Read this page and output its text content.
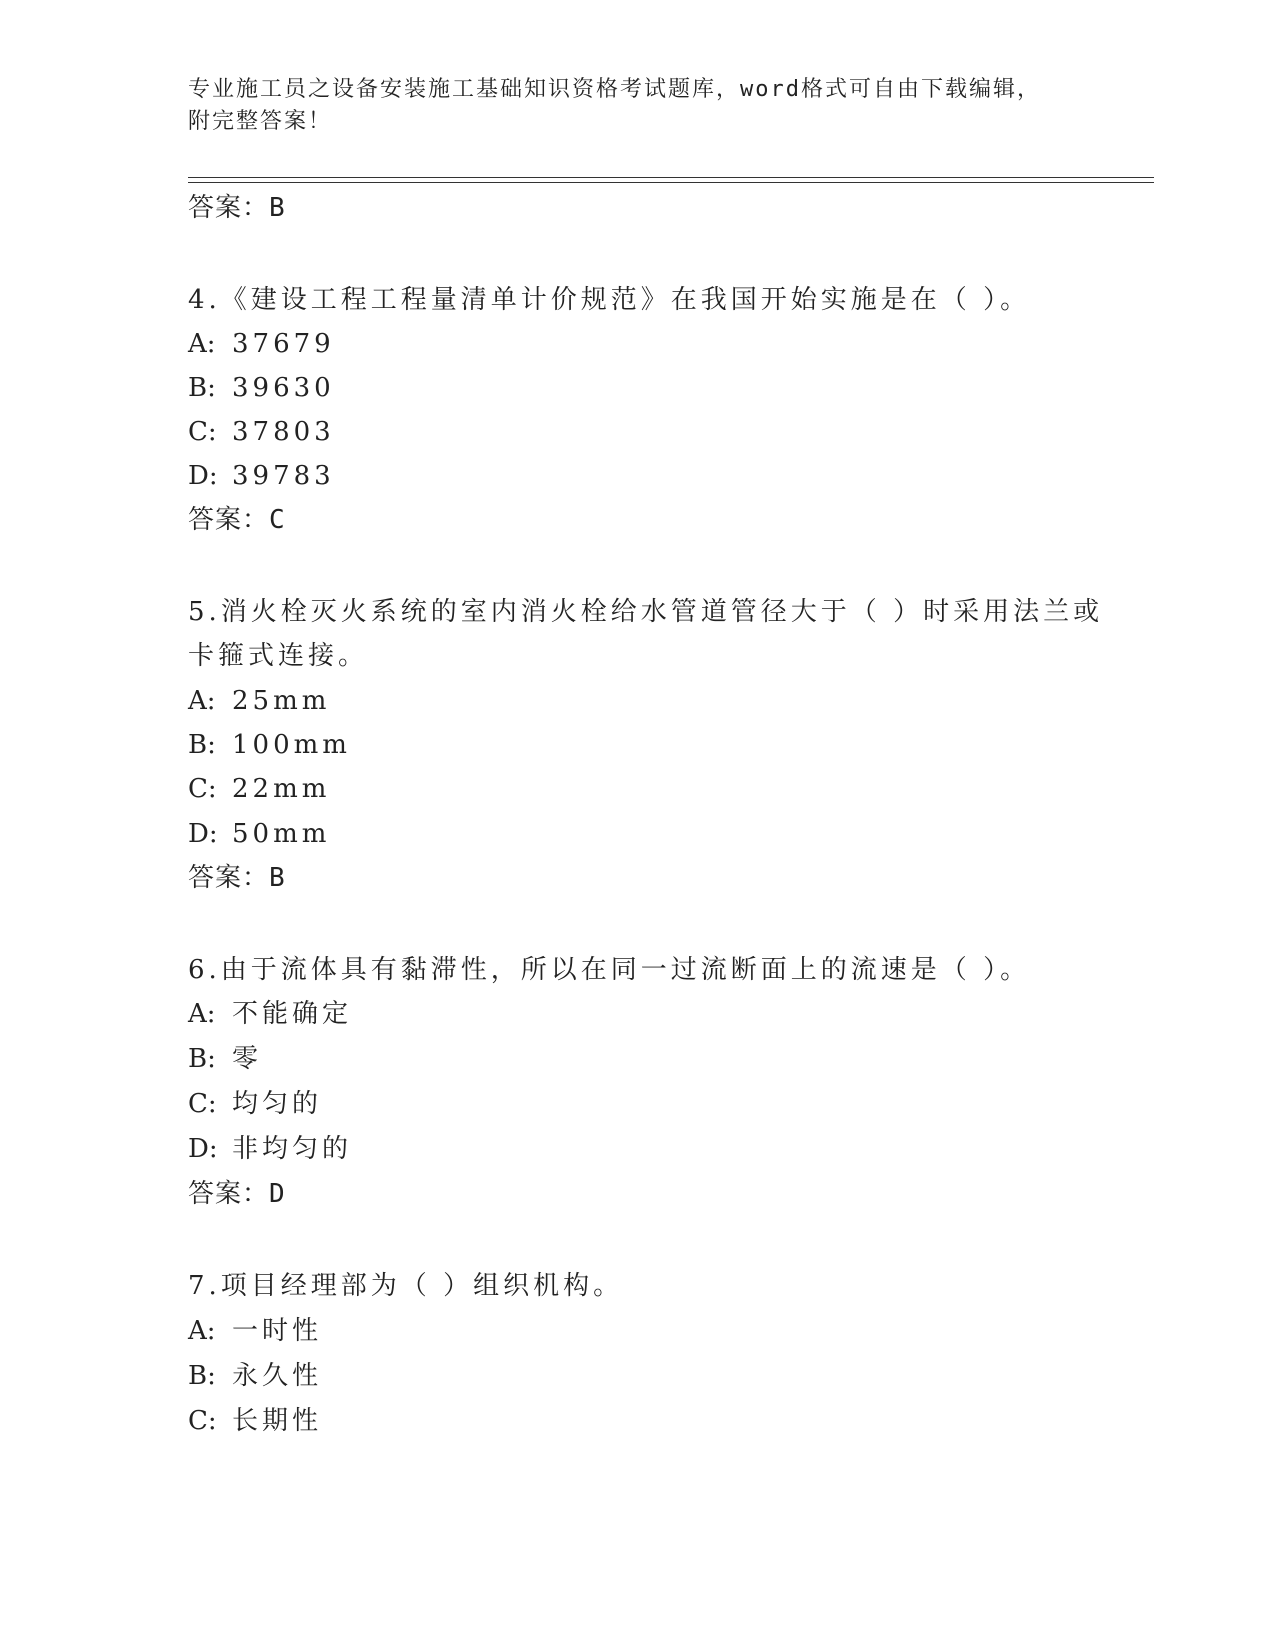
专业施工员之设备安装施工基础知识资格考试题库，word格式可自由下载编辑，
附完整答案！
答案：B
4.《建设工程工程量清单计价规范》在我国开始实施是在（ ）。
A: 37679
B: 39630
C: 37803
D: 39783
答案：C
5.消火栓灭火系统的室内消火栓给水管道管径大于（ ）时采用法兰或
卡箍式连接。
A: 25mm
B: 100mm
C: 22mm
D: 50mm
答案：B
6.由于流体具有黏滞性，所以在同一过流断面上的流速是（ ）。
A: 不能确定
B: 零
C: 均匀的
D: 非均匀的
答案：D
7.项目经理部为（ ）组织机构。
A: 一时性
B: 永久性
C: 长期性
